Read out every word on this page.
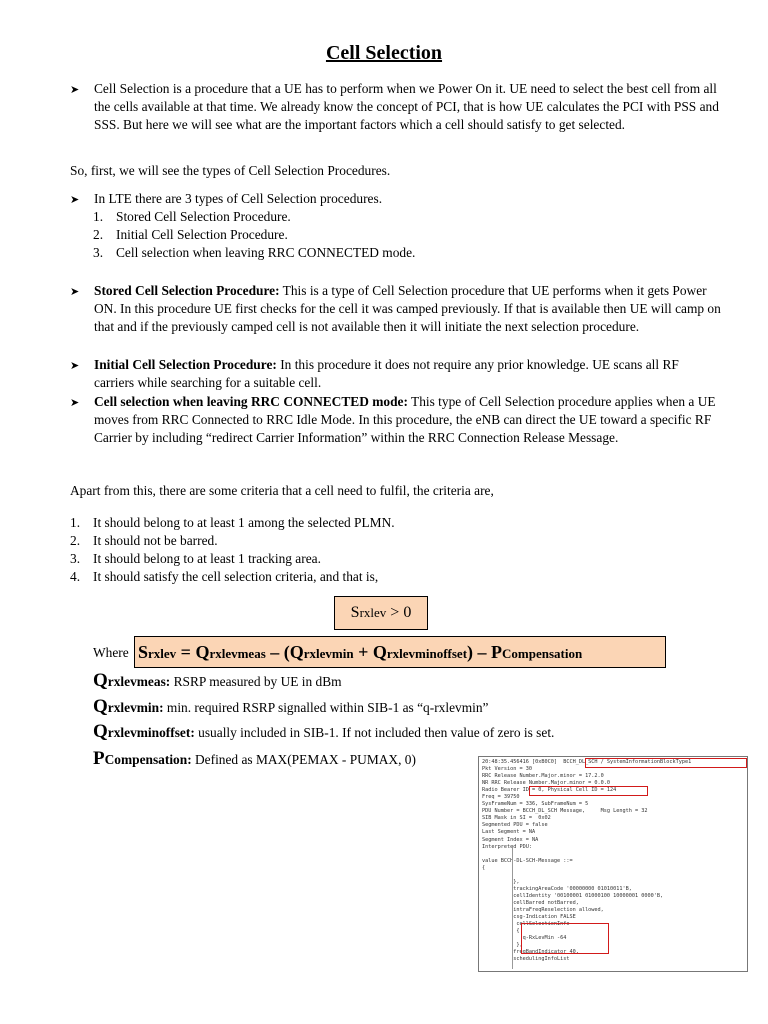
Cell Selection
➤	Cell Selection is a procedure that a UE has to perform when we Power On it. UE need to select the best cell from all the cells available at that time. We already know the concept of PCI, that is how UE calculates the PCI with PSS and SSS. But here we will see what are the important factors which a cell should satisfy to get selected.
So, first, we will see the types of Cell Selection Procedures.
➤	In LTE there are 3 types of Cell Selection procedures.
1. Stored Cell Selection Procedure.
2. Initial Cell Selection Procedure.
3. Cell selection when leaving RRC CONNECTED mode.
➤	Stored Cell Selection Procedure: This is a type of Cell Selection procedure that UE performs when it gets Power ON. In this procedure UE first checks for the cell it was camped previously. If that is available then UE will camp on that and if the previously camped cell is not available then it will initiate the next selection procedure.
➤	Initial Cell Selection Procedure: In this procedure it does not require any prior knowledge. UE scans all RF carriers while searching for a suitable cell.
➤	Cell selection when leaving RRC CONNECTED mode: This type of Cell Selection procedure applies when a UE moves from RRC Connected to RRC Idle Mode. In this procedure, the eNB can direct the UE toward a specific RF Carrier by including “redirect Carrier Information” within the RRC Connection Release Message.
Apart from this, there are some criteria that a cell need to fulfil, the criteria are,
1. It should belong to at least 1 among the selected PLMN.
2. It should not be barred.
3. It should belong to at least 1 tracking area.
4. It should satisfy the cell selection criteria, and that is,
Srxlev > 0
Where Srxlev = Qrxlevmeas – (Qrxlevmin + Qrxlevminoffset) – PCompensation
Qrxlevmeas: RSRP measured by UE in dBm
Qrxlevmin: min. required RSRP signalled within SIB-1 as “q-rxlevmin”
Qrxlevminoffset: usually included in SIB-1. If not included then value of zero is set.
PCompensation: Defined as MAX(PEMAX - PUMAX, 0)	20:48:35.456416 [0xB0C0]  BCCH_DL_SCH / SystemInformationBlockType1
Pkt Version = 30
RRC Release Number.Major.minor = 17.2.0
NR RRC Release Number.Major.minor = 0.0.0
Radio Bearer ID = 0, Physical Cell ID = 124
Freq = 39750
SysFrameNum = 336, SubFrameNum = 5
PDU Number = BCCH_DL_SCH Message,     Msg Length = 32
SIB Mask in SI =  0x02
Segmented PDU = false
Last Segment = NA
Segment Index = NA
Interpreted PDU:

value BCCH-DL-SCH-Message ::=
{

},
trackingAreaCode '00000000 01010011'B,
cellIdentity '00100001 01000100 10000001 0000'B,
cellBarred notBarred,
intraFreqReselection allowed,
csg-Indication FALSE
cellSelectionInfo
{
q-RxLevMin -64
},
freqBandIndicator 40,
schedulingInfoList
